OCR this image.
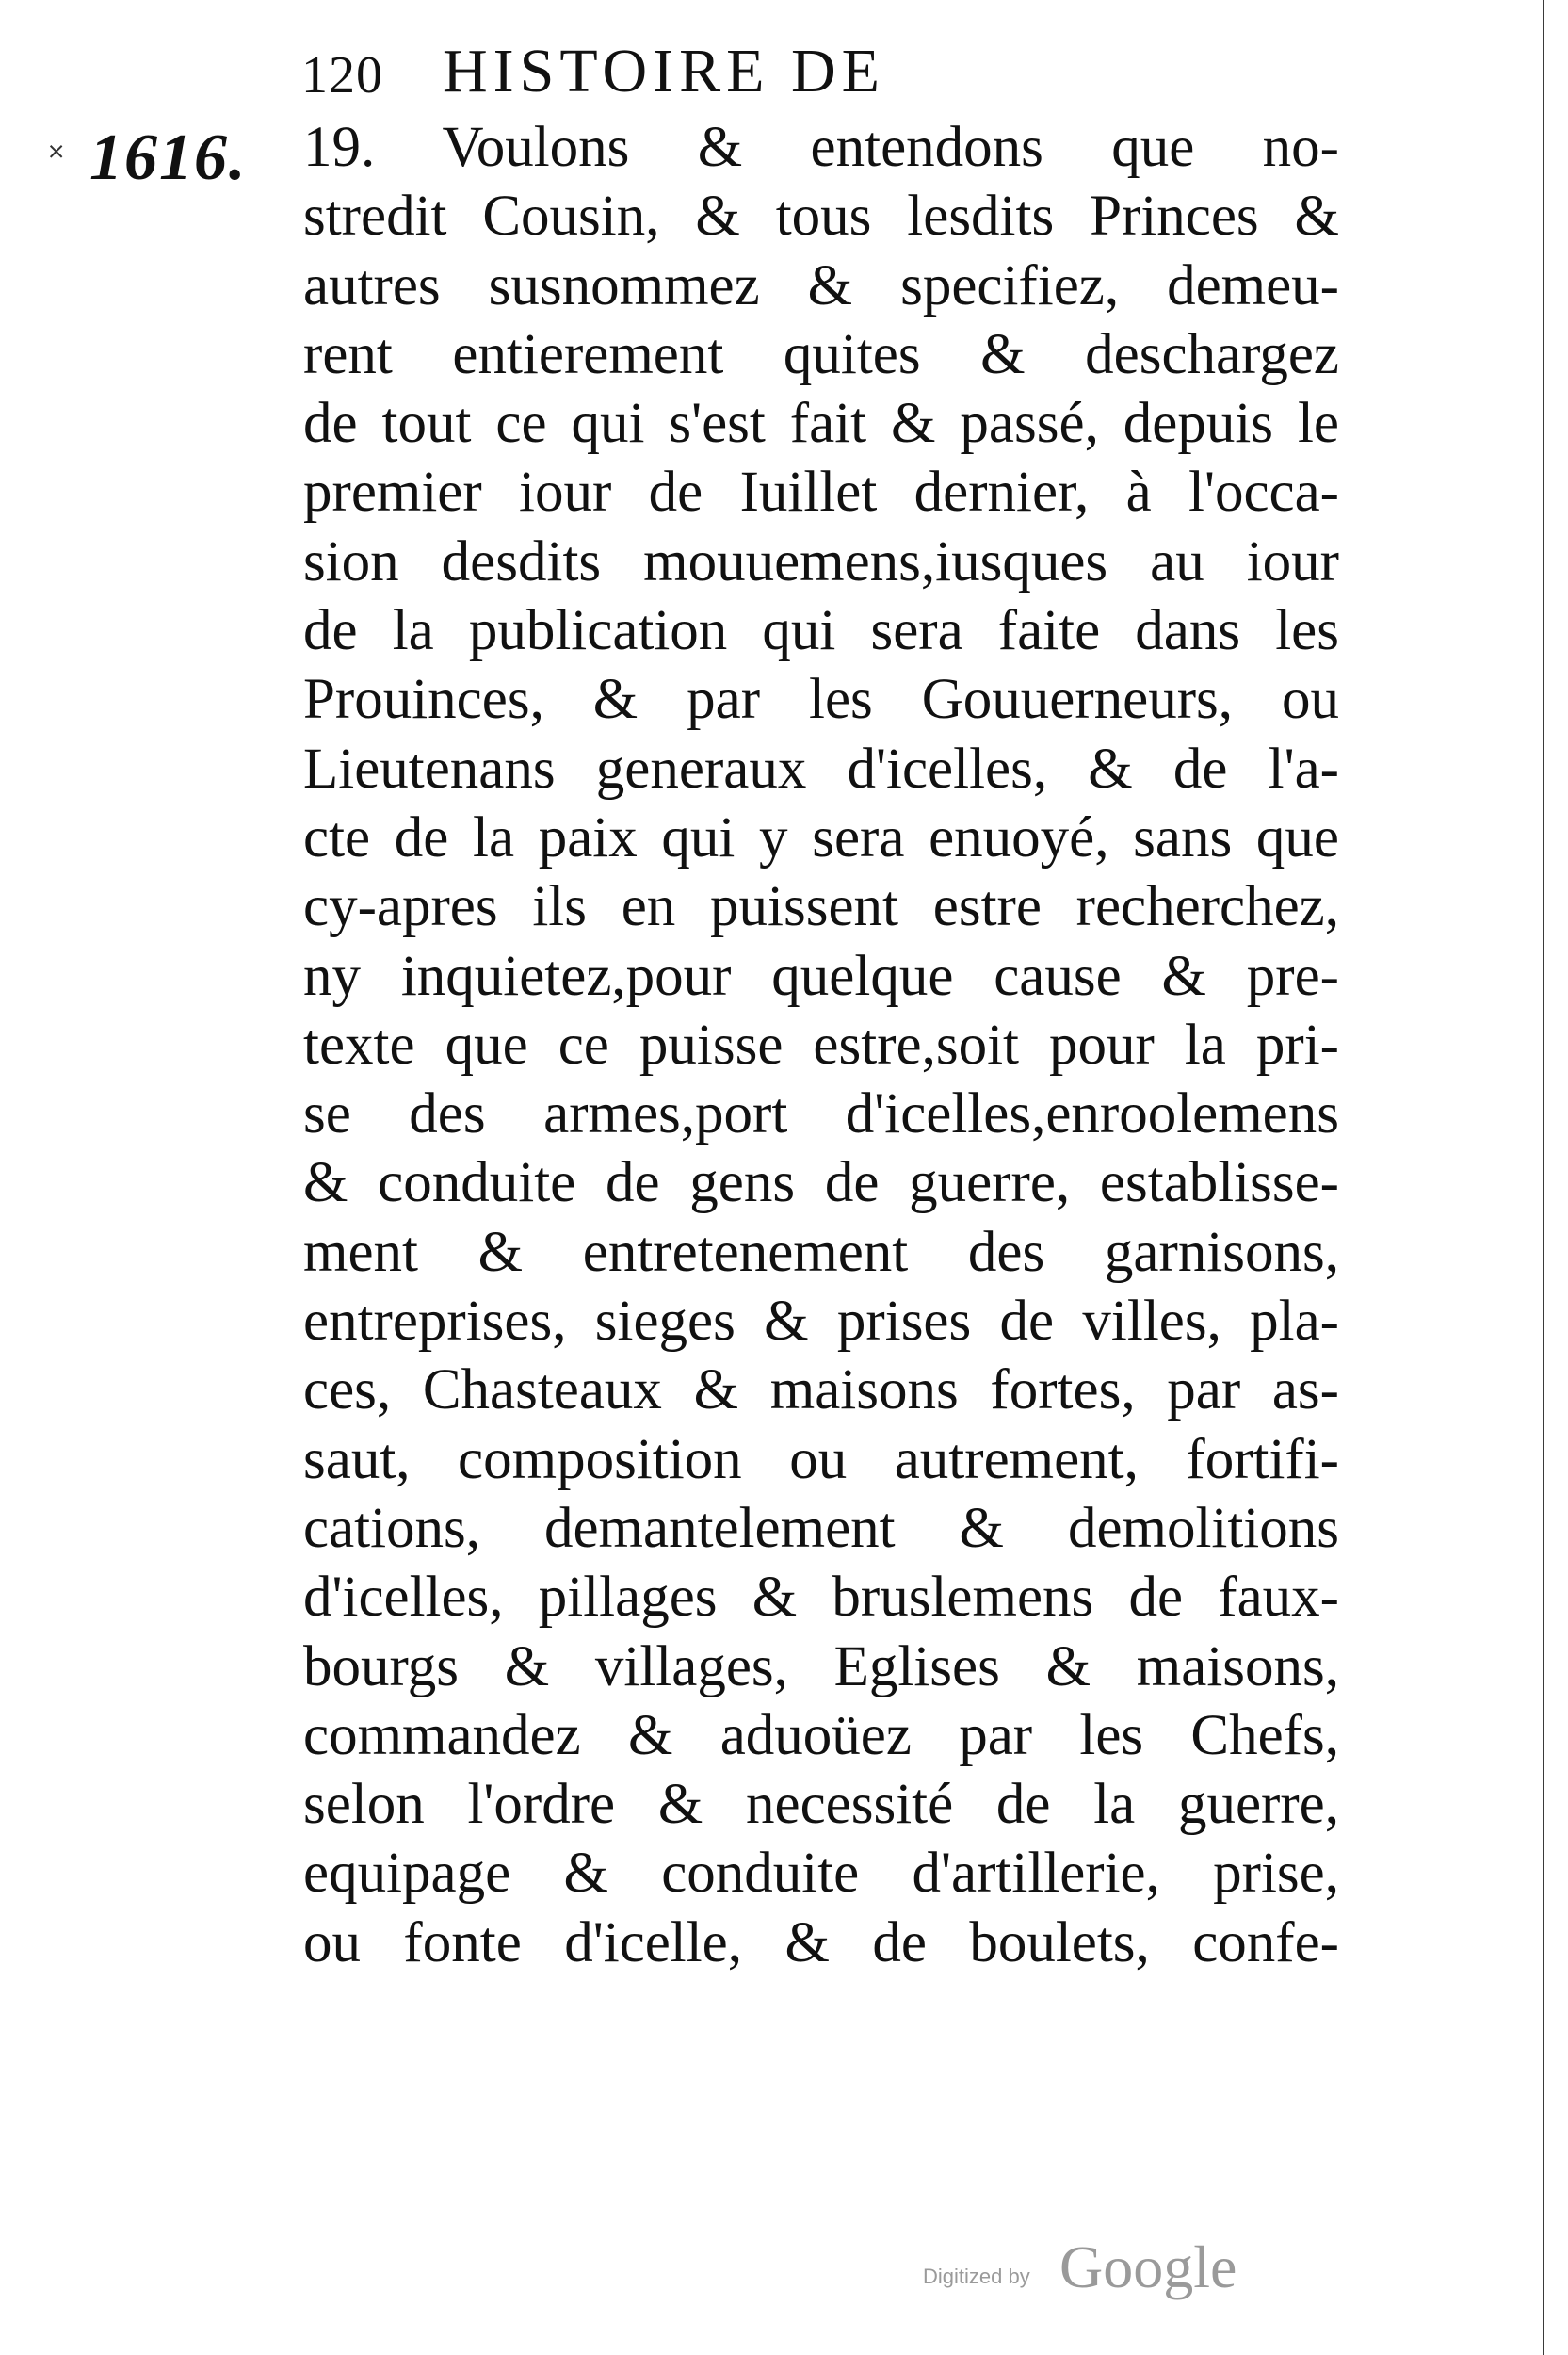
120 HISTOIRE DE
˟ 1616. 19. Voulons & entendons que no-
stredit Cousin, & tous lesdits Princes &
autres susnommez & specifiez, demeu-
rent entierement quites & deschargez
de tout ce qui s'est fait & passé, depuis le
premier iour de Iuillet dernier, à l'occa-
sion desdits mouuemens,iusques au iour
de la publication qui sera faite dans les
Prouinces, & par les Gouuerneurs, ou
Lieutenans generaux d'icelles, & de l'a-
cte de la paix qui y sera enuoyé, sans que
cy-apres ils en puissent estre recherchez,
ny inquietez,pour quelque cause & pre-
texte que ce puisse estre,soit pour la pri-
se des armes,port d'icelles,enroolemens
& conduite de gens de guerre, establisse-
ment & entretenement des garnisons,
entreprises, sieges & prises de villes, pla-
ces, Chasteaux & maisons fortes, par as-
saut, composition ou autrement, fortifi-
cations, demantelement & demolitions
d'icelles, pillages & bruslemens de faux-
bourgs & villages, Eglises & maisons,
commandez & aduoüez par les Chefs,
selon l'ordre & necessité de la guerre,
equipage & conduite d'artillerie, prise,
ou fonte d'icelle, & de boulets, confe-
Digitized by Google
